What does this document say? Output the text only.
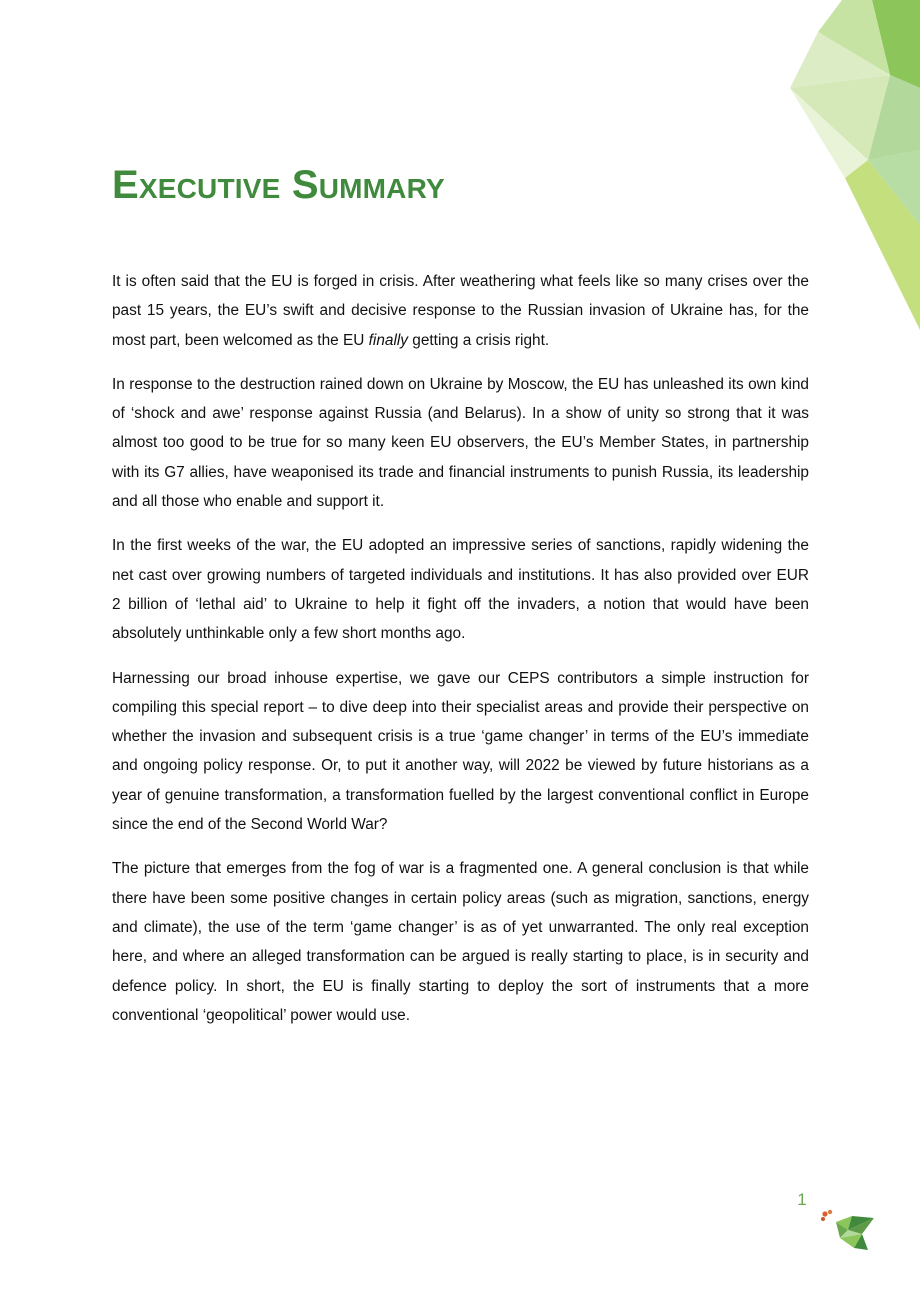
Executive Summary

It is often said that the EU is forged in crisis. After weathering what feels like so many crises over the past 15 years, the EU’s swift and decisive response to the Russian invasion of Ukraine has, for the most part, been welcomed as the EU finally getting a crisis right.

In response to the destruction rained down on Ukraine by Moscow, the EU has unleashed its own kind of ‘shock and awe’ response against Russia (and Belarus). In a show of unity so strong that it was almost too good to be true for so many keen EU observers, the EU’s Member States, in partnership with its G7 allies, have weaponised its trade and financial instruments to punish Russia, its leadership and all those who enable and support it.

In the first weeks of the war, the EU adopted an impressive series of sanctions, rapidly widening the net cast over growing numbers of targeted individuals and institutions. It has also provided over EUR 2 billion of ‘lethal aid’ to Ukraine to help it fight off the invaders, a notion that would have been absolutely unthinkable only a few short months ago.

Harnessing our broad inhouse expertise, we gave our CEPS contributors a simple instruction for compiling this special report – to dive deep into their specialist areas and provide their perspective on whether the invasion and subsequent crisis is a true ‘game changer’ in terms of the EU’s immediate and ongoing policy response. Or, to put it another way, will 2022 be viewed by future historians as a year of genuine transformation, a transformation fuelled by the largest conventional conflict in Europe since the end of the Second World War?

The picture that emerges from the fog of war is a fragmented one. A general conclusion is that while there have been some positive changes in certain policy areas (such as migration, sanctions, energy and climate), the use of the term ‘game changer’ is as of yet unwarranted. The only real exception here, and where an alleged transformation can be argued is really starting to place, is in security and defence policy. In short, the EU is finally starting to deploy the sort of instruments that a more conventional ‘geopolitical’ power would use.

1
